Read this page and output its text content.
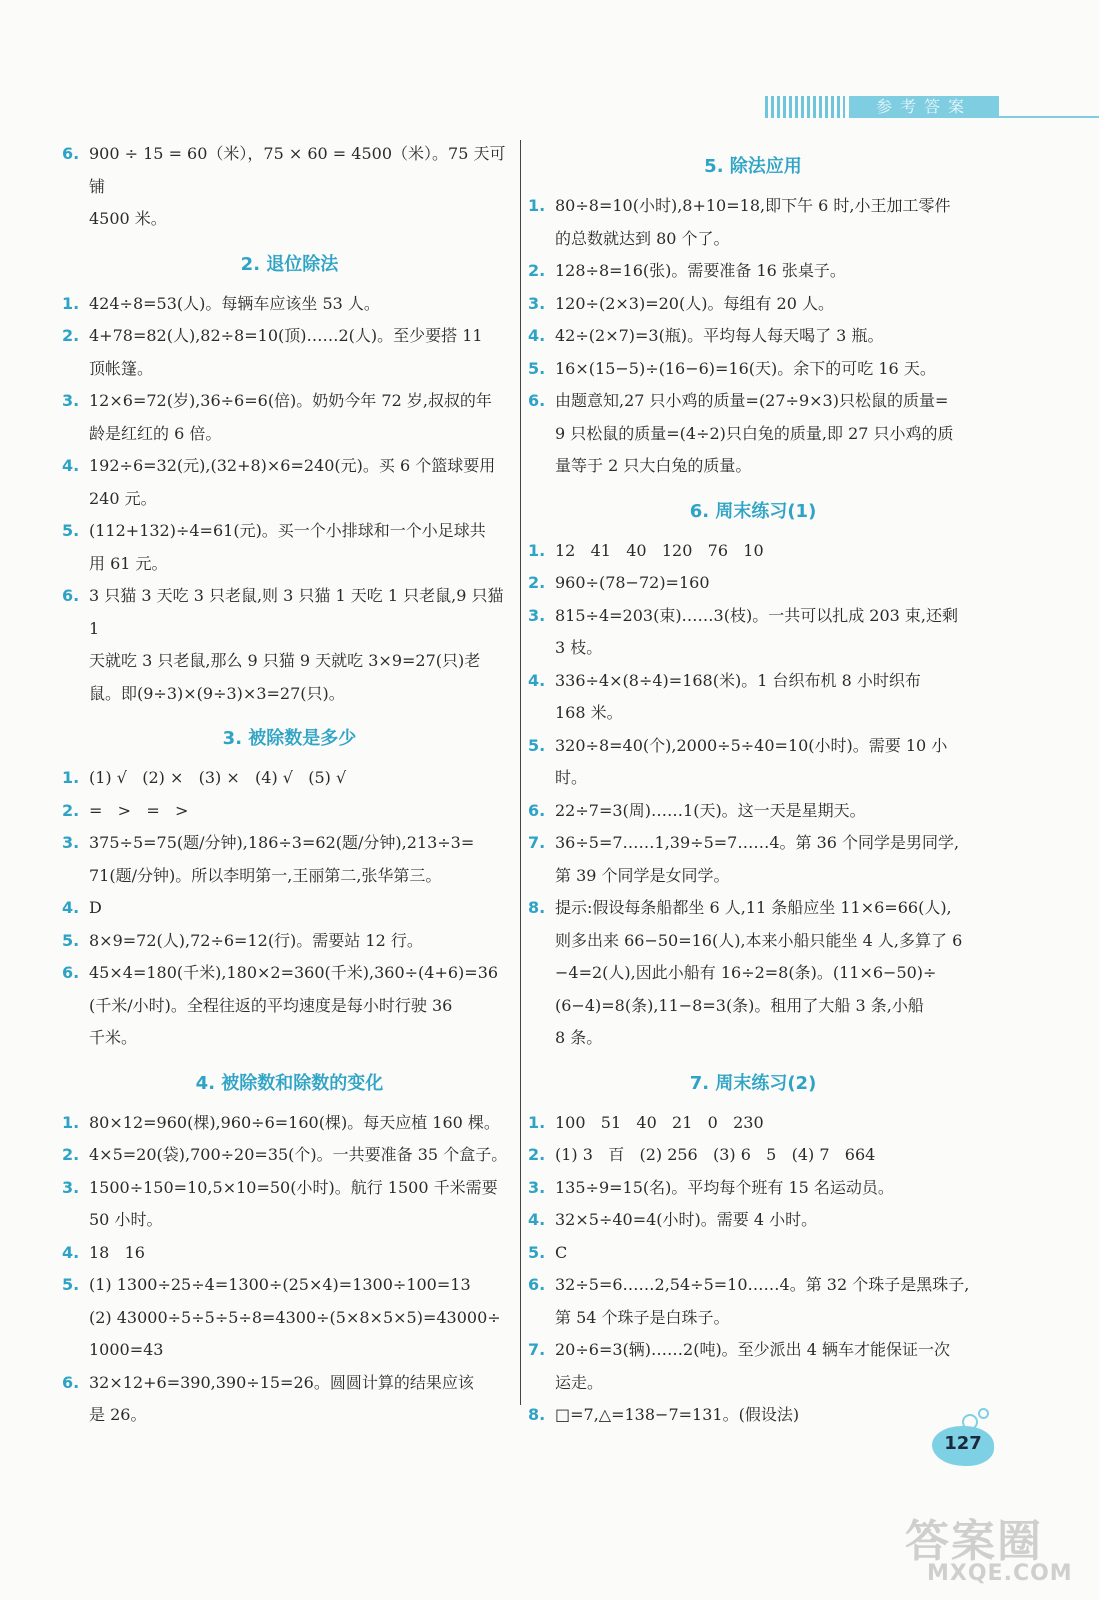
参考答案
6. 900 ÷ 15 = 60（米），75 × 60 = 4500（米）。75 天可铺
4500 米。
2. 退位除法
1. 424÷8=53(人)。每辆车应该坐 53 人。
2. 4+78=82(人),82÷8=10(顶)……2(人)。至少要搭 11
顶帐篷。
3. 12×6=72(岁),36÷6=6(倍)。奶奶今年 72 岁,叔叔的年
龄是红红的 6 倍。
4. 192÷6=32(元),(32+8)×6=240(元)。买 6 个篮球要用
240 元。
5. (112+132)÷4=61(元)。买一个小排球和一个小足球共
用 61 元。
6. 3 只猫 3 天吃 3 只老鼠,则 3 只猫 1 天吃 1 只老鼠,9 只猫 1
天就吃 3 只老鼠,那么 9 只猫 9 天就吃 3×9=27(只)老
鼠。即(9÷3)×(9÷3)×3=27(只)。
3. 被除数是多少
1. (1) √   (2) ×   (3) ×   (4) √   (5) √
2. =   >   =   >
3. 375÷5=75(题/分钟),186÷3=62(题/分钟),213÷3=
71(题/分钟)。所以李明第一,王丽第二,张华第三。
4. D
5. 8×9=72(人),72÷6=12(行)。需要站 12 行。
6. 45×4=180(千米),180×2=360(千米),360÷(4+6)=36
(千米/小时)。全程往返的平均速度是每小时行驶 36
千米。
4. 被除数和除数的变化
1. 80×12=960(棵),960÷6=160(棵)。每天应植 160 棵。
2. 4×5=20(袋),700÷20=35(个)。一共要准备 35 个盒子。
3. 1500÷150=10,5×10=50(小时)。航行 1500 千米需要
50 小时。
4. 18   16
5. (1) 1300÷25÷4=1300÷(25×4)=1300÷100=13
(2) 43000÷5÷5÷5÷8=4300÷(5×8×5×5)=43000÷
1000=43
6. 32×12+6=390,390÷15=26。圆圆计算的结果应该
是 26。
5. 除法应用
1. 80÷8=10(小时),8+10=18,即下午 6 时,小王加工零件
的总数就达到 80 个了。
2. 128÷8=16(张)。需要准备 16 张桌子。
3. 120÷(2×3)=20(人)。每组有 20 人。
4. 42÷(2×7)=3(瓶)。平均每人每天喝了 3 瓶。
5. 16×(15−5)÷(16−6)=16(天)。余下的可吃 16 天。
6. 由题意知,27 只小鸡的质量=(27÷9×3)只松鼠的质量=
9 只松鼠的质量=(4÷2)只白兔的质量,即 27 只小鸡的质
量等于 2 只大白兔的质量。
6. 周末练习(1)
1. 12   41   40   120   76   10
2. 960÷(78−72)=160
3. 815÷4=203(束)……3(枝)。一共可以扎成 203 束,还剩
3 枝。
4. 336÷4×(8÷4)=168(米)。1 台织布机 8 小时织布
168 米。
5. 320÷8=40(个),2000÷5÷40=10(小时)。需要 10 小时。
6. 22÷7=3(周)……1(天)。这一天是星期天。
7. 36÷5=7……1,39÷5=7……4。第 36 个同学是男同学,
第 39 个同学是女同学。
8. 提示:假设每条船都坐 6 人,11 条船应坐 11×6=66(人),
则多出来 66−50=16(人),本来小船只能坐 4 人,多算了 6
−4=2(人),因此小船有 16÷2=8(条)。(11×6−50)÷
(6−4)=8(条),11−8=3(条)。租用了大船 3 条,小船
8 条。
7. 周末练习(2)
1. 100   51   40   21   0   230
2. (1) 3   百   (2) 256   (3) 6   5   (4) 7   664
3. 135÷9=15(名)。平均每个班有 15 名运动员。
4. 32×5÷40=4(小时)。需要 4 小时。
5. C
6. 32÷5=6……2,54÷5=10……4。第 32 个珠子是黑珠子,
第 54 个珠子是白珠子。
7. 20÷6=3(辆)……2(吨)。至少派出 4 辆车才能保证一次
运走。
8. □=7,△=138−7=131。(假设法)
127
答案圈
MXQE.COM
